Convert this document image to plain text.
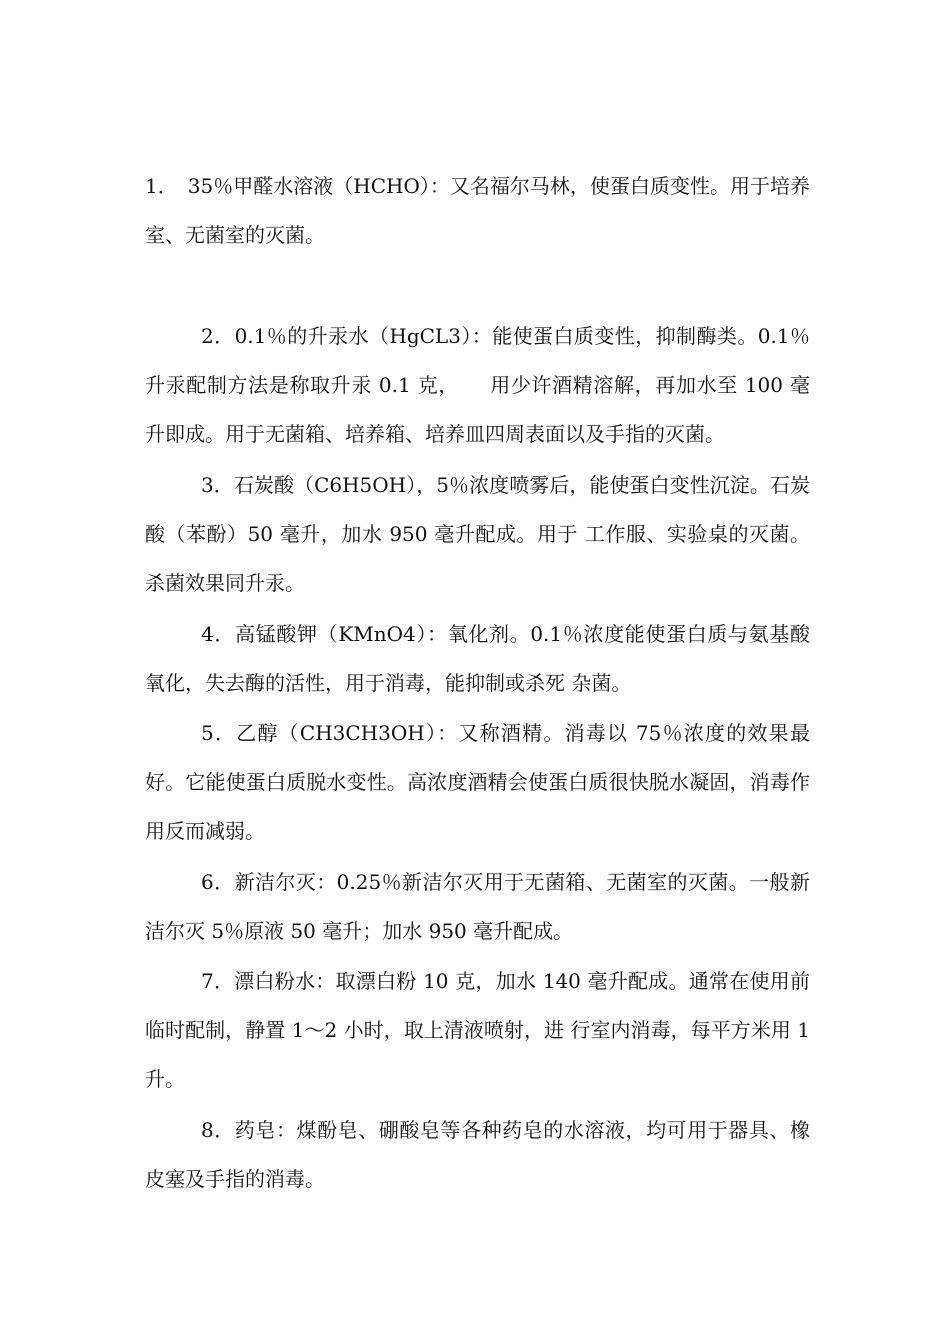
1．　 35％甲醛水溶液（HCHO）：又名福尔马林，使蛋白质变性。用于培养室、无菌室的灭菌。

2．0.1％的升汞水（HgCL3）：能使蛋白质变性，抑制酶类。0.1％升汞配制方法是称取升汞 0.1 克，　　用少许酒精溶解，再加水至 100 毫升即成。用于无菌箱、培养箱、培养皿四周表面以及手指的灭菌。

3．石炭酸（C6H5OH），5％浓度喷雾后，能使蛋白变性沉淀。石炭酸（苯酚）50 毫升，加水 950 毫升配成。用于 工作服、实验桌的灭菌。杀菌效果同升汞。

4．高锰酸钾（KMnO4）：氧化剂。0.1％浓度能使蛋白质与氨基酸氧化，失去酶的活性，用于消毒，能抑制或杀死 杂菌。

5．乙醇（CH3CH3OH）：又称酒精。消毒以 75％浓度的效果最好。它能使蛋白质脱水变性。高浓度酒精会使蛋白质很快脱水凝固，消毒作用反而减弱。

6．新洁尔灭：0.25％新洁尔灭用于无菌箱、无菌室的灭菌。一般新洁尔灭 5％原液 50 毫升；加水 950 毫升配成。

7．漂白粉水：取漂白粉 10 克，加水 140 毫升配成。通常在使用前临时配制，静置 1～2 小时，取上清液喷射，进 行室内消毒，每平方米用 1 升。

8．药皂：煤酚皂、硼酸皂等各种药皂的水溶液，均可用于器具、橡皮塞及手指的消毒。
